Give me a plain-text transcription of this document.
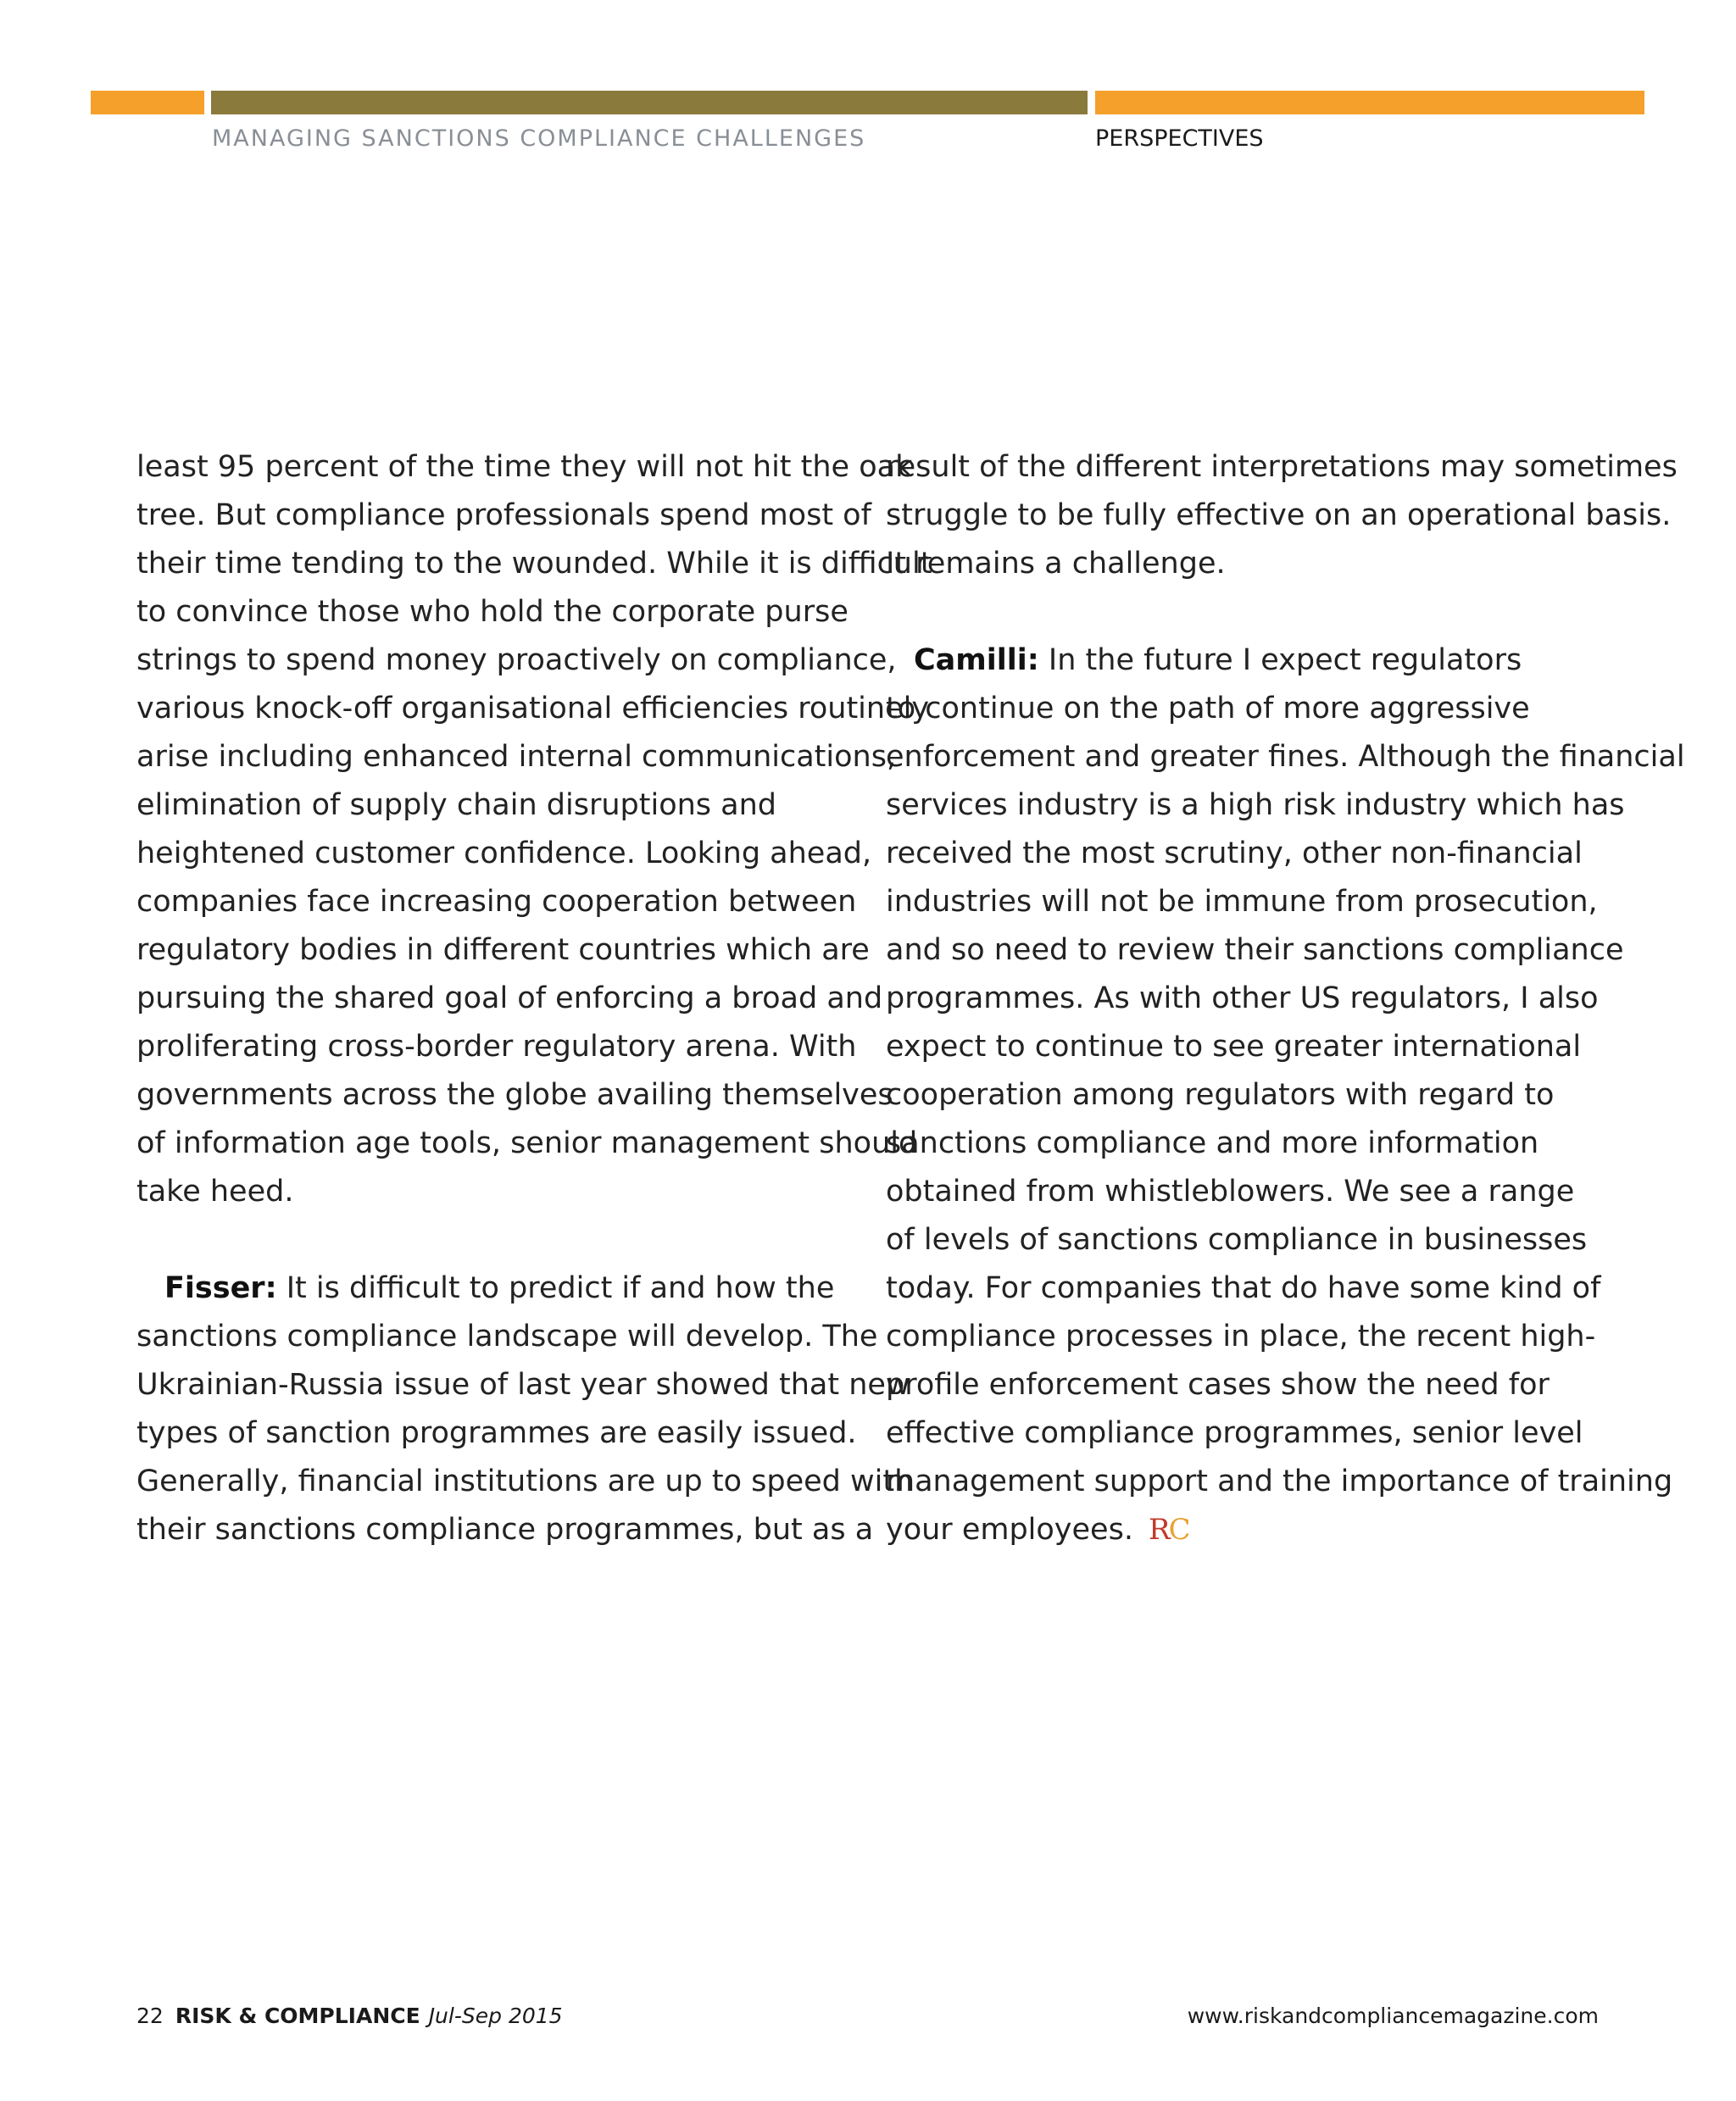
MANAGING SANCTIONS COMPLIANCE CHALLENGES	PERSPECTIVES

least 95 percent of the time they will not hit the oak

tree. But compliance professionals spend most of

their time tending to the wounded. While it is difficult

to convince those who hold the corporate purse

strings to spend money proactively on compliance,

various knock-off organisational efficiencies routinely

arise including enhanced internal communications,

elimination of supply chain disruptions and

heightened customer confidence. Looking ahead,

companies face increasing cooperation between

regulatory bodies in different countries which are

pursuing the shared goal of enforcing a broad and

proliferating cross-border regulatory arena. With

governments across the globe availing themselves

of information age tools, senior management should

take heed.

Fisser: It is difficult to predict if and how the

sanctions compliance landscape will develop. The

Ukrainian-Russia issue of last year showed that new

types of sanction programmes are easily issued.

Generally, financial institutions are up to speed with

their sanctions compliance programmes, but as a

result of the different interpretations may sometimes

struggle to be fully effective on an operational basis.

It remains a challenge.

Camilli: In the future I expect regulators

to continue on the path of more aggressive

enforcement and greater fines. Although the financial

services industry is a high risk industry which has

received the most scrutiny, other non-financial

industries will not be immune from prosecution,

and so need to review their sanctions compliance

programmes. As with other US regulators, I also

expect to continue to see greater international

cooperation among regulators with regard to

sanctions compliance and more information

obtained from whistleblowers. We see a range

of levels of sanctions compliance in businesses

today. For companies that do have some kind of

compliance processes in place, the recent high-

profile enforcement cases show the need for

effective compliance programmes, senior level

management support and the importance of training

your employees. RC

22 RISK & COMPLIANCE Jul-Sep 2015	www.riskandcompliancemagazine.com
